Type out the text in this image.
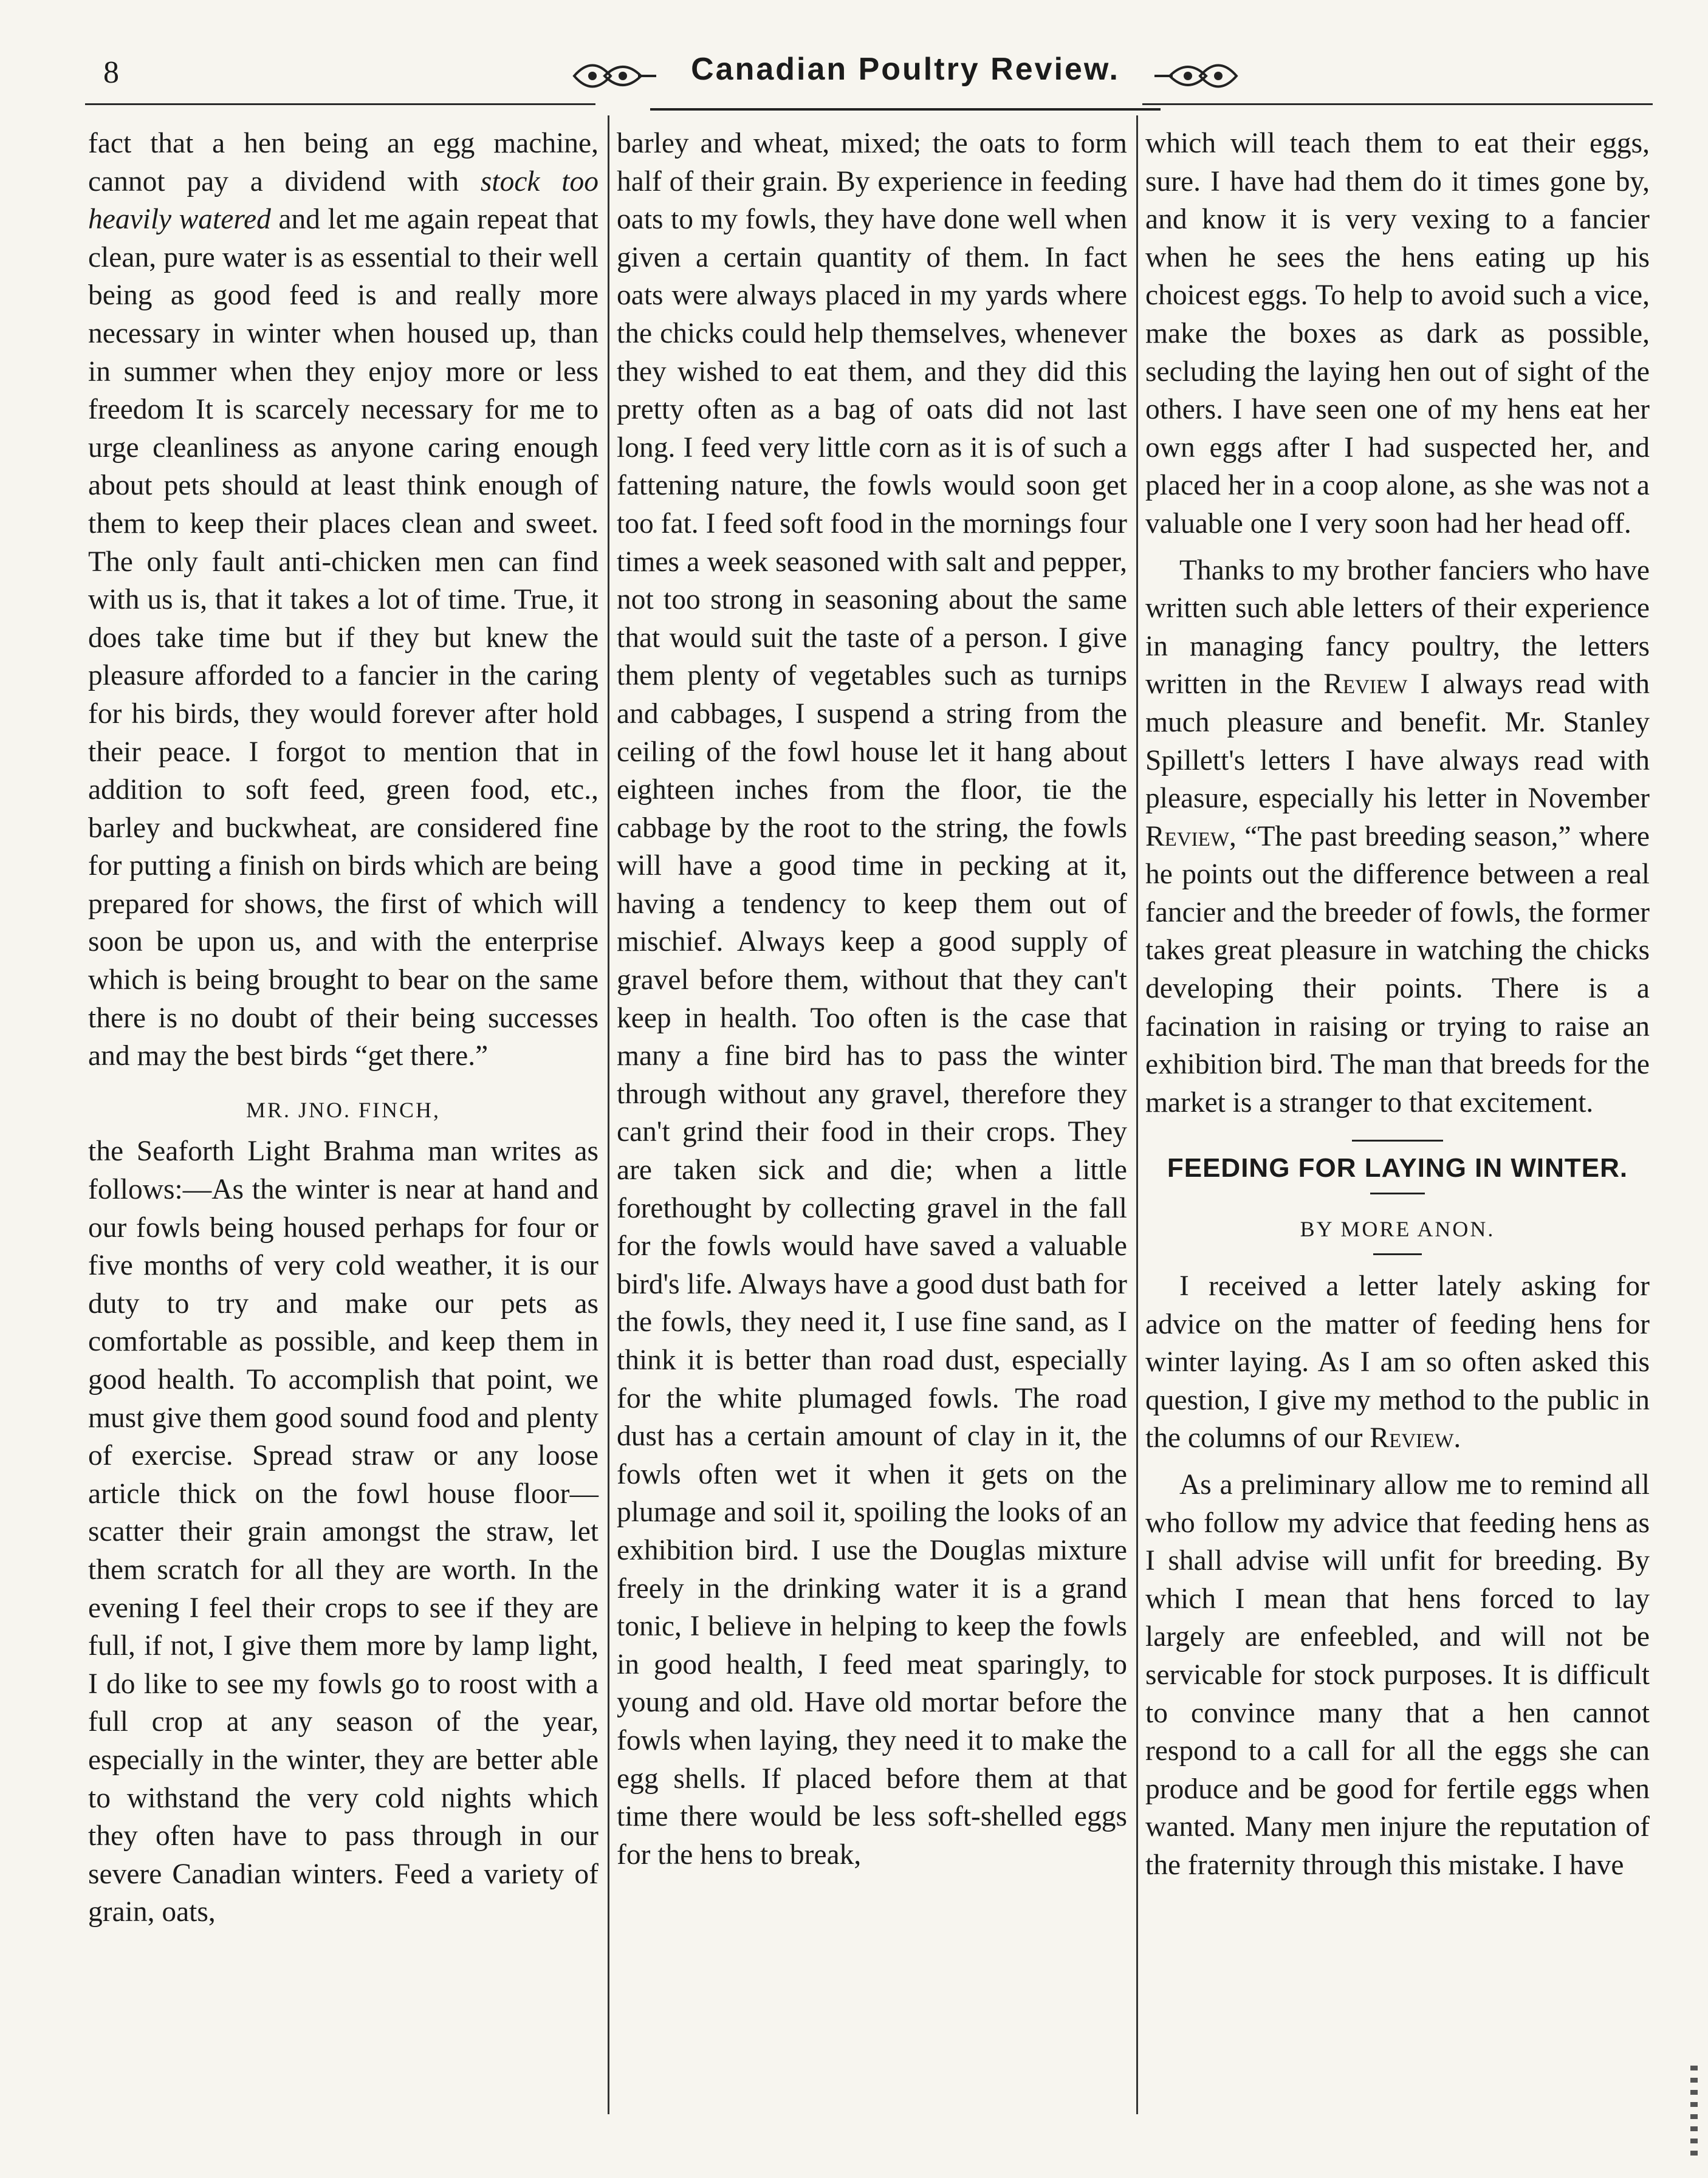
8	Canadian Poultry Review.

fact that a hen being an egg machine, cannot pay a dividend with stock too heavily watered and let me again repeat that clean, pure water is as essential to their well being as good feed is and really more necessary in winter when housed up, than in summer when they enjoy more or less freedom It is scarcely necessary for me to urge cleanliness as anyone caring enough about pets should at least think enough of them to keep their places clean and sweet. The only fault anti-chicken men can find with us is, that it takes a lot of time. True, it does take time but if they but knew the pleasure afforded to a fancier in the caring for his birds, they would forever after hold their peace. I forgot to mention that in addition to soft feed, green food, etc., barley and buckwheat, are considered fine for putting a finish on birds which are being prepared for shows, the first of which will soon be upon us, and with the enterprise which is being brought to bear on the same there is no doubt of their being successes and may the best birds “get there.”

MR. JNO. FINCH,

the Seaforth Light Brahma man writes as follows:—As the winter is near at hand and our fowls being housed perhaps for four or five months of very cold weather, it is our duty to try and make our pets as comfortable as possible, and keep them in good health. To accomplish that point, we must give them good sound food and plenty of exercise. Spread straw or any loose article thick on the fowl house floor—scatter their grain amongst the straw, let them scratch for all they are worth. In the evening I feel their crops to see if they are full, if not, I give them more by lamp light, I do like to see my fowls go to roost with a full crop at any season of the year, especially in the winter, they are better able to withstand the very cold nights which they often have to pass through in our severe Canadian winters. Feed a variety of grain, oats,

barley and wheat, mixed; the oats to form half of their grain. By experience in feeding oats to my fowls, they have done well when given a certain quantity of them. In fact oats were always placed in my yards where the chicks could help themselves, whenever they wished to eat them, and they did this pretty often as a bag of oats did not last long. I feed very little corn as it is of such a fattening nature, the fowls would soon get too fat. I feed soft food in the mornings four times a week seasoned with salt and pepper, not too strong in seasoning about the same that would suit the taste of a person. I give them plenty of vegetables such as turnips and cabbages, I suspend a string from the ceiling of the fowl house let it hang about eighteen inches from the floor, tie the cabbage by the root to the string, the fowls will have a good time in pecking at it, having a tendency to keep them out of mischief. Always keep a good supply of gravel before them, without that they can't keep in health. Too often is the case that many a fine bird has to pass the winter through without any gravel, therefore they can't grind their food in their crops. They are taken sick and die; when a little forethought by collecting gravel in the fall for the fowls would have saved a valuable bird's life. Always have a good dust bath for the fowls, they need it, I use fine sand, as I think it is better than road dust, especially for the white plumaged fowls. The road dust has a certain amount of clay in it, the fowls often wet it when it gets on the plumage and soil it, spoiling the looks of an exhibition bird. I use the Douglas mixture freely in the drinking water it is a grand tonic, I believe in helping to keep the fowls in good health, I feed meat sparingly, to young and old. Have old mortar before the fowls when laying, they need it to make the egg shells. If placed before them at that time there would be less soft-shelled eggs for the hens to break,

which will teach them to eat their eggs, sure. I have had them do it times gone by, and know it is very vexing to a fancier when he sees the hens eating up his choicest eggs. To help to avoid such a vice, make the boxes as dark as possible, secluding the laying hen out of sight of the others. I have seen one of my hens eat her own eggs after I had suspected her, and placed her in a coop alone, as she was not a valuable one I very soon had her head off.

Thanks to my brother fanciers who have written such able letters of their experience in managing fancy poultry, the letters written in the Review I always read with much pleasure and benefit. Mr. Stanley Spillett's letters I have always read with pleasure, especially his letter in November Review, “The past breeding season,” where he points out the difference between a real fancier and the breeder of fowls, the former takes great pleasure in watching the chicks developing their points. There is a facination in raising or trying to raise an exhibition bird. The man that breeds for the market is a stranger to that excitement.

FEEDING FOR LAYING IN WINTER.
BY MORE ANON.

I received a letter lately asking for advice on the matter of feeding hens for winter laying. As I am so often asked this question, I give my method to the public in the columns of our Review.

As a preliminary allow me to remind all who follow my advice that feeding hens as I shall advise will unfit for breeding. By which I mean that hens forced to lay largely are enfeebled, and will not be servicable for stock purposes. It is difficult to convince many that a hen cannot respond to a call for all the eggs she can produce and be good for fertile eggs when wanted. Many men injure the reputation of the fraternity through this mistake. I have
